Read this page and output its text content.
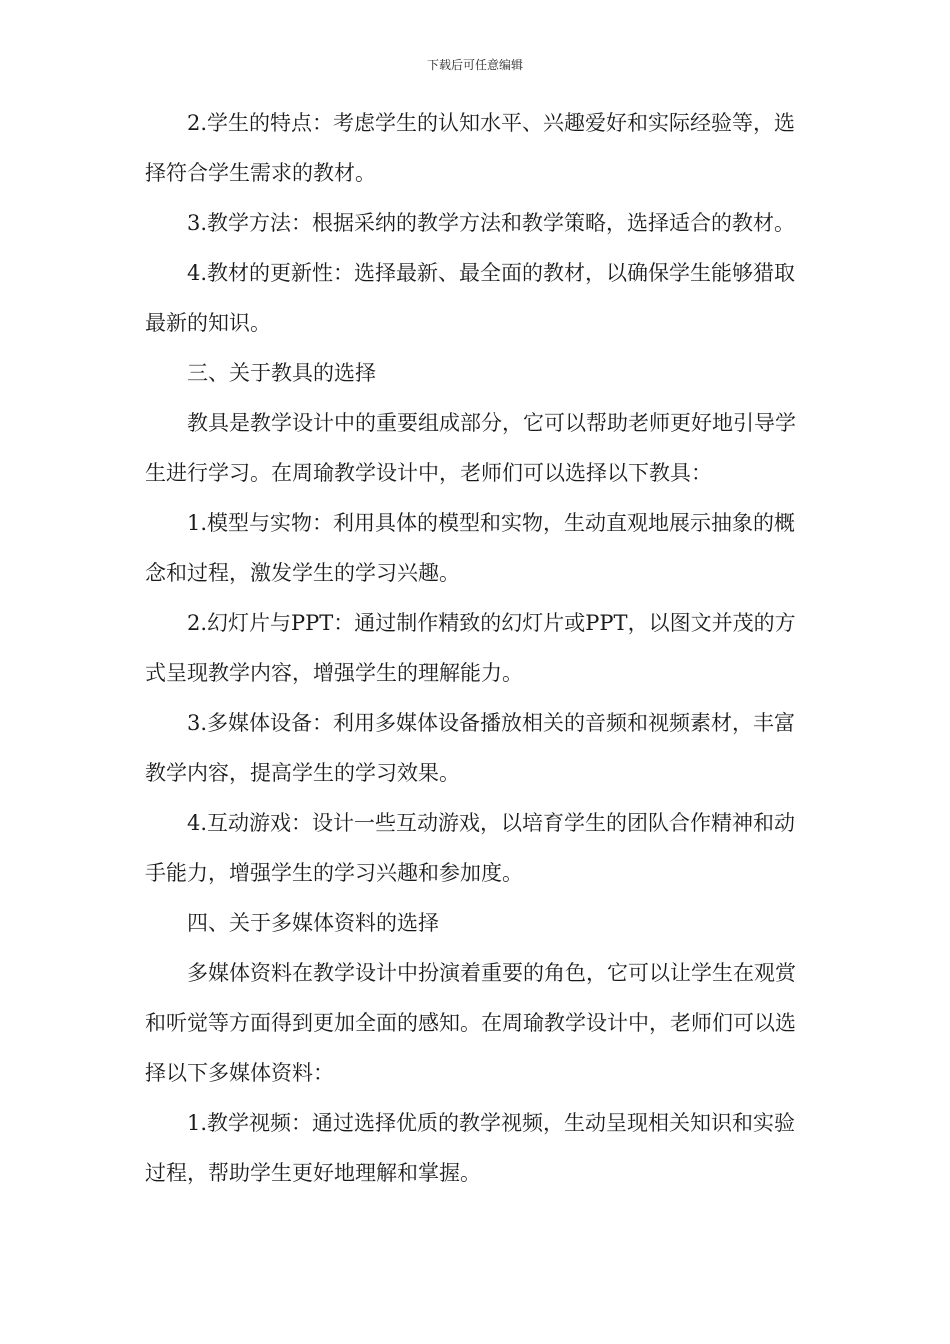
下载后可任意编辑

2.学生的特点：考虑学生的认知水平、兴趣爱好和实际经验等，选择符合学生需求的教材。

3.教学方法：根据采纳的教学方法和教学策略，选择适合的教材。

4.教材的更新性：选择最新、最全面的教材，以确保学生能够猎取最新的知识。

三、关于教具的选择

教具是教学设计中的重要组成部分，它可以帮助老师更好地引导学生进行学习。在周瑜教学设计中，老师们可以选择以下教具：

1.模型与实物：利用具体的模型和实物，生动直观地展示抽象的概念和过程，激发学生的学习兴趣。

2.幻灯片与PPT：通过制作精致的幻灯片或PPT，以图文并茂的方式呈现教学内容，增强学生的理解能力。

3.多媒体设备：利用多媒体设备播放相关的音频和视频素材，丰富教学内容，提高学生的学习效果。

4.互动游戏：设计一些互动游戏，以培育学生的团队合作精神和动手能力，增强学生的学习兴趣和参加度。

四、关于多媒体资料的选择

多媒体资料在教学设计中扮演着重要的角色，它可以让学生在观赏和听觉等方面得到更加全面的感知。在周瑜教学设计中，老师们可以选择以下多媒体资料：

1.教学视频：通过选择优质的教学视频，生动呈现相关知识和实验过程，帮助学生更好地理解和掌握。
